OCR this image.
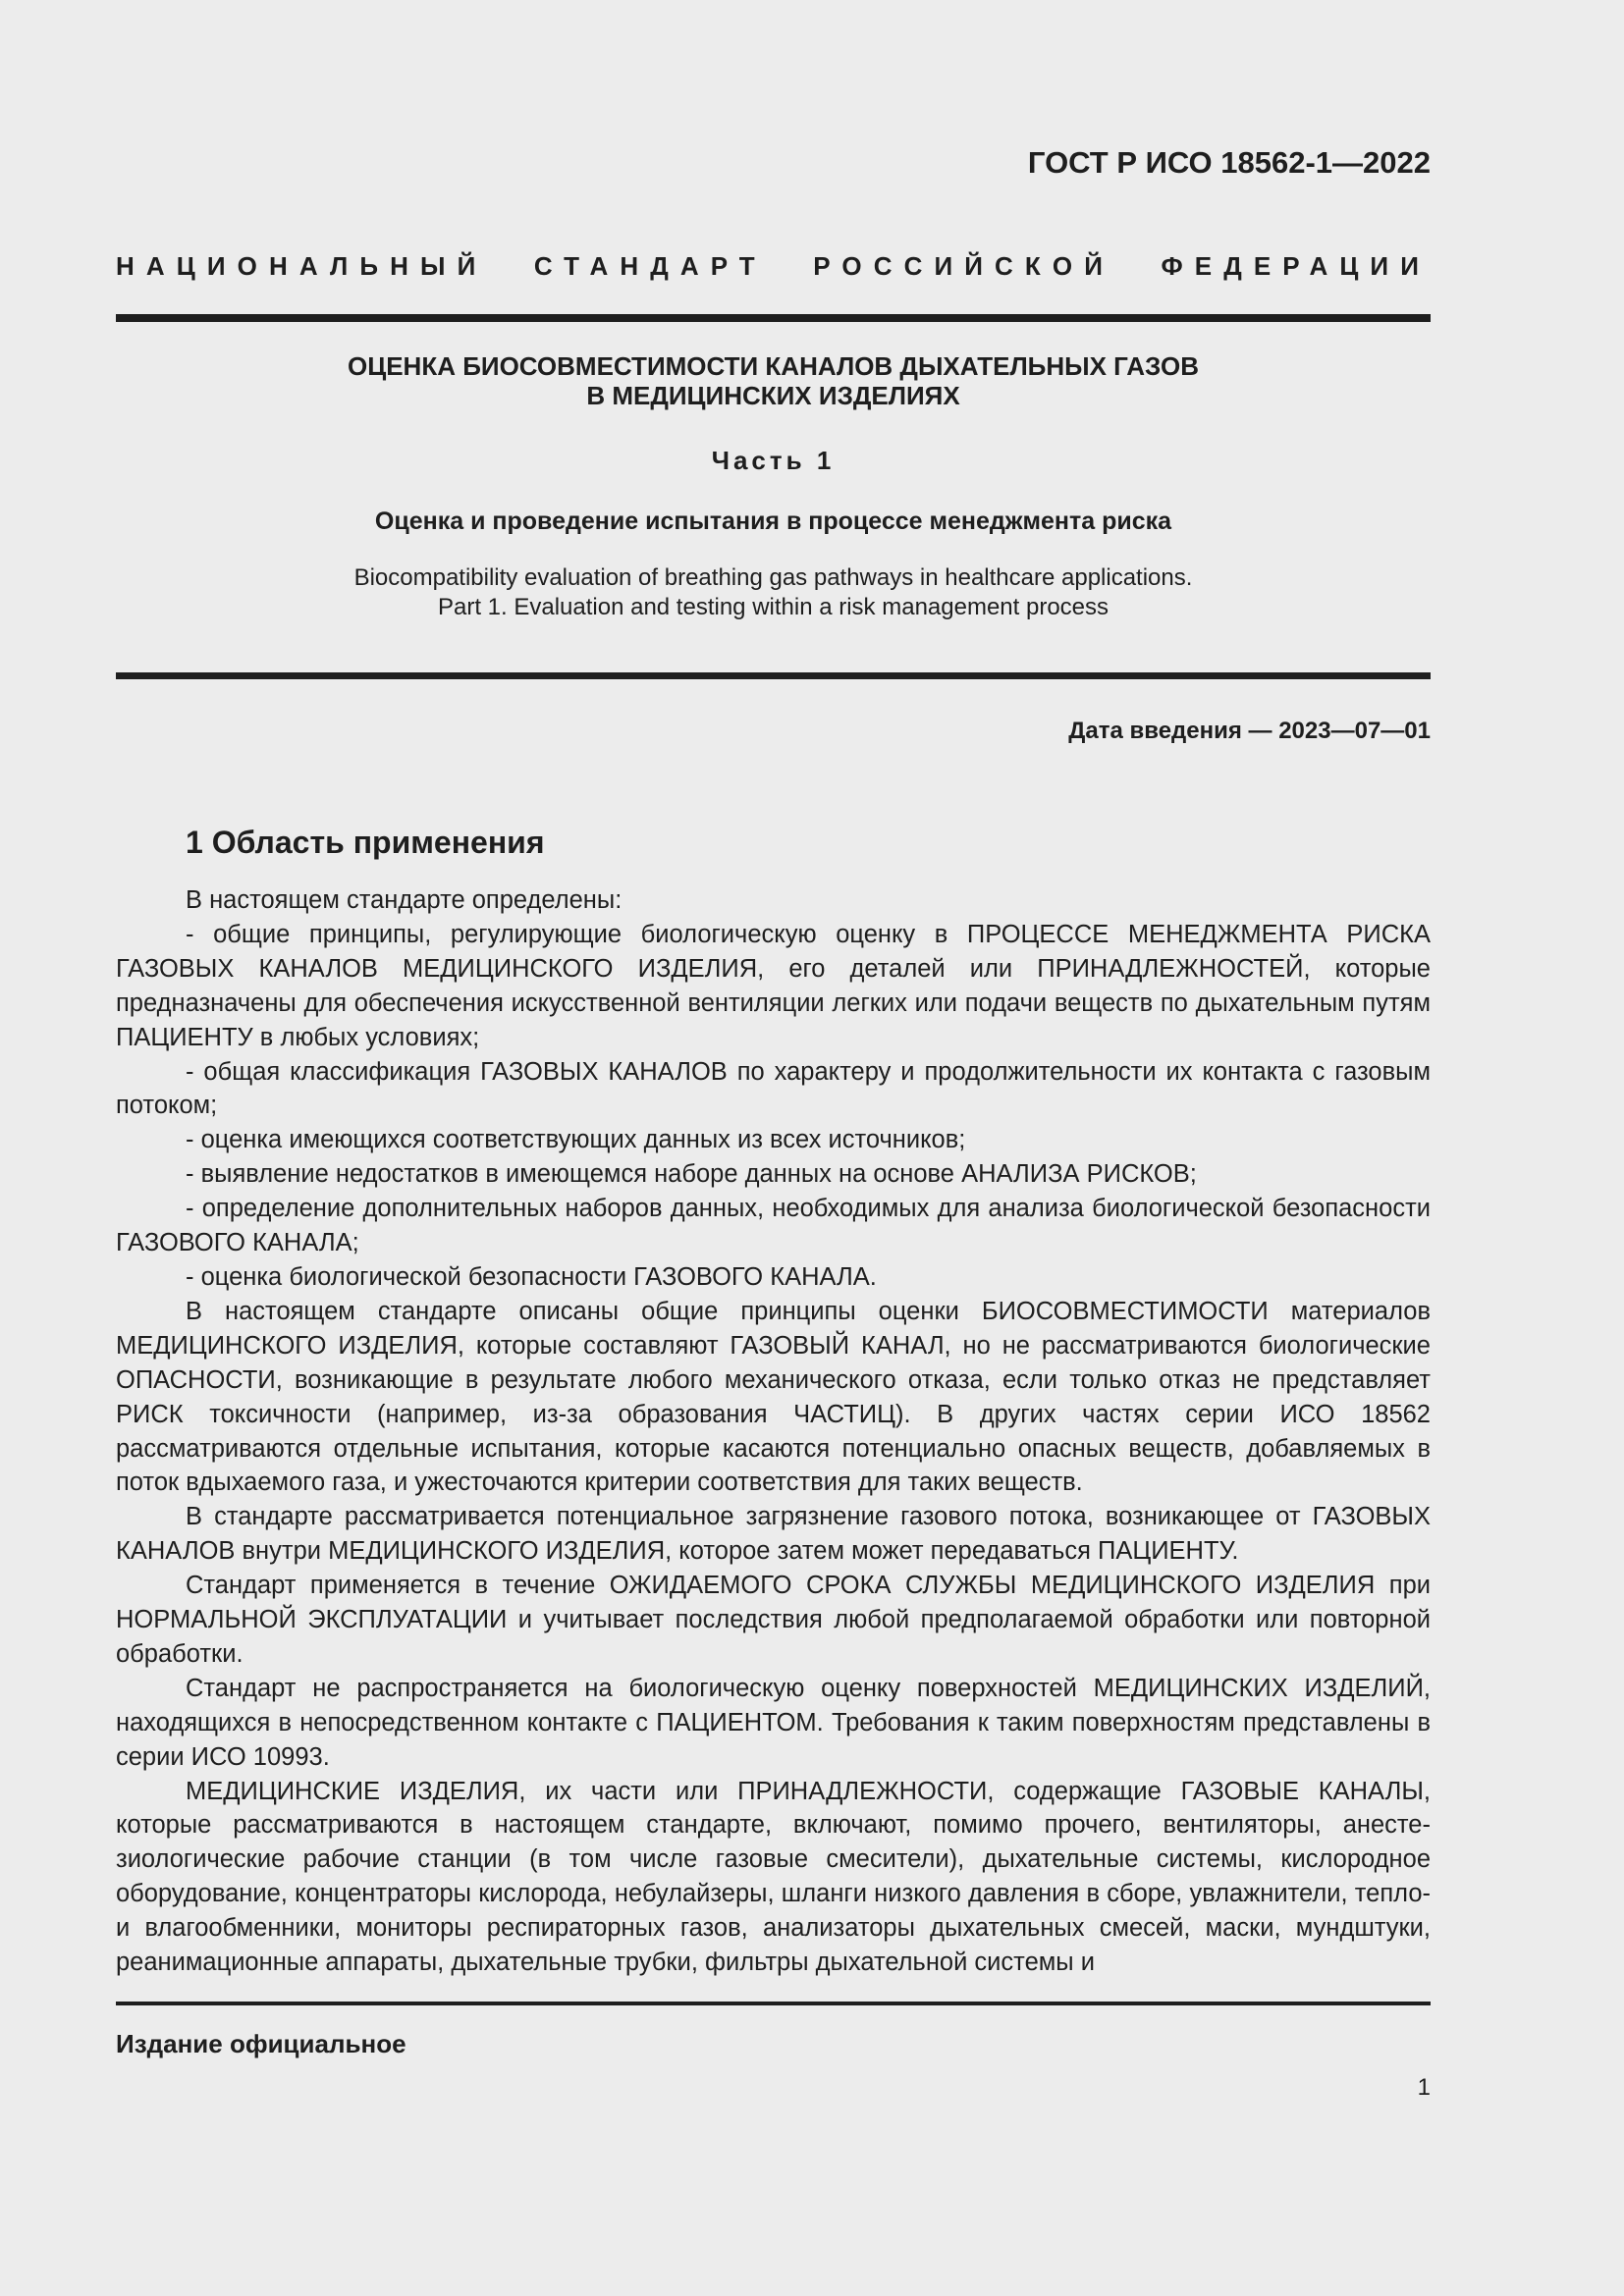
ГОСТ Р ИСО 18562-1—2022
НАЦИОНАЛЬНЫЙ СТАНДАРТ РОССИЙСКОЙ ФЕДЕРАЦИИ
ОЦЕНКА БИОСОВМЕСТИМОСТИ КАНАЛОВ ДЫХАТЕЛЬНЫХ ГАЗОВ
В МЕДИЦИНСКИХ ИЗДЕЛИЯХ
Часть 1
Оценка и проведение испытания в процессе менеджмента риска
Biocompatibility evaluation of breathing gas pathways in healthcare applications.
Part 1. Evaluation and testing within a risk management process
Дата введения — 2023—07—01
1 Область применения

В настоящем стандарте определены:

- общие принципы, регулирующие биологическую оценку в ПРОЦЕССЕ МЕНЕДЖМЕНТА РИСКА ГАЗОВЫХ КАНАЛОВ МЕДИЦИНСКОГО ИЗДЕЛИЯ, его деталей или ПРИНАДЛЕЖНОСТЕЙ, которые предназначены для обеспечения искусственной вентиляции легких или подачи веществ по дыхательным путям ПАЦИЕНТУ в любых условиях;

- общая классификация ГАЗОВЫХ КАНАЛОВ по характеру и продолжительности их контакта с газовым потоком;

- оценка имеющихся соответствующих данных из всех источников;

- выявление недостатков в имеющемся наборе данных на основе АНАЛИЗА РИСКОВ;

- определение дополнительных наборов данных, необходимых для анализа биологической безопасности ГАЗОВОГО КАНАЛА;

- оценка биологической безопасности ГАЗОВОГО КАНАЛА.

В настоящем стандарте описаны общие принципы оценки БИОСОВМЕСТИМОСТИ материалов МЕДИЦИНСКОГО ИЗДЕЛИЯ, которые составляют ГАЗОВЫЙ КАНАЛ, но не рассматриваются биологические ОПАСНОСТИ, возникающие в результате любого механического отказа, если только отказ не представляет РИСК токсичности (например, из-за образования ЧАСТИЦ). В других частях серии ИСО 18562 рассматриваются отдельные испытания, которые касаются потенциально опасных веществ, добавляемых в поток вдыхаемого газа, и ужесточаются критерии соответствия для таких веществ.

В стандарте рассматривается потенциальное загрязнение газового потока, возникающее от ГАЗОВЫХ КАНАЛОВ внутри МЕДИЦИНСКОГО ИЗДЕЛИЯ, которое затем может передаваться ПАЦИЕНТУ.

Стандарт применяется в течение ОЖИДАЕМОГО СРОКА СЛУЖБЫ МЕДИЦИНСКОГО ИЗДЕЛИЯ при НОРМАЛЬНОЙ ЭКСПЛУАТАЦИИ и учитывает последствия любой предполагаемой обработки или повторной обработки.

Стандарт не распространяется на биологическую оценку поверхностей МЕДИЦИНСКИХ ИЗДЕЛИЙ, находящихся в непосредственном контакте с ПАЦИЕНТОМ. Требования к таким поверхностям представлены в серии ИСО 10993.

МЕДИЦИНСКИЕ ИЗДЕЛИЯ, их части или ПРИНАДЛЕЖНОСТИ, содержащие ГАЗОВЫЕ КАНАЛЫ, которые рассматриваются в настоящем стандарте, включают, помимо прочего, вентиляторы, анестезиологические рабочие станции (в том числе газовые смесители), дыхательные системы, кислородное оборудование, концентраторы кислорода, небулайзеры, шланги низкого давления в сборе, увлажнители, тепло- и влагообменники, мониторы респираторных газов, анализаторы дыхательных смесей, маски, мундштуки, реанимационные аппараты, дыхательные трубки, фильтры дыхательной системы и

Издание официальное
1
